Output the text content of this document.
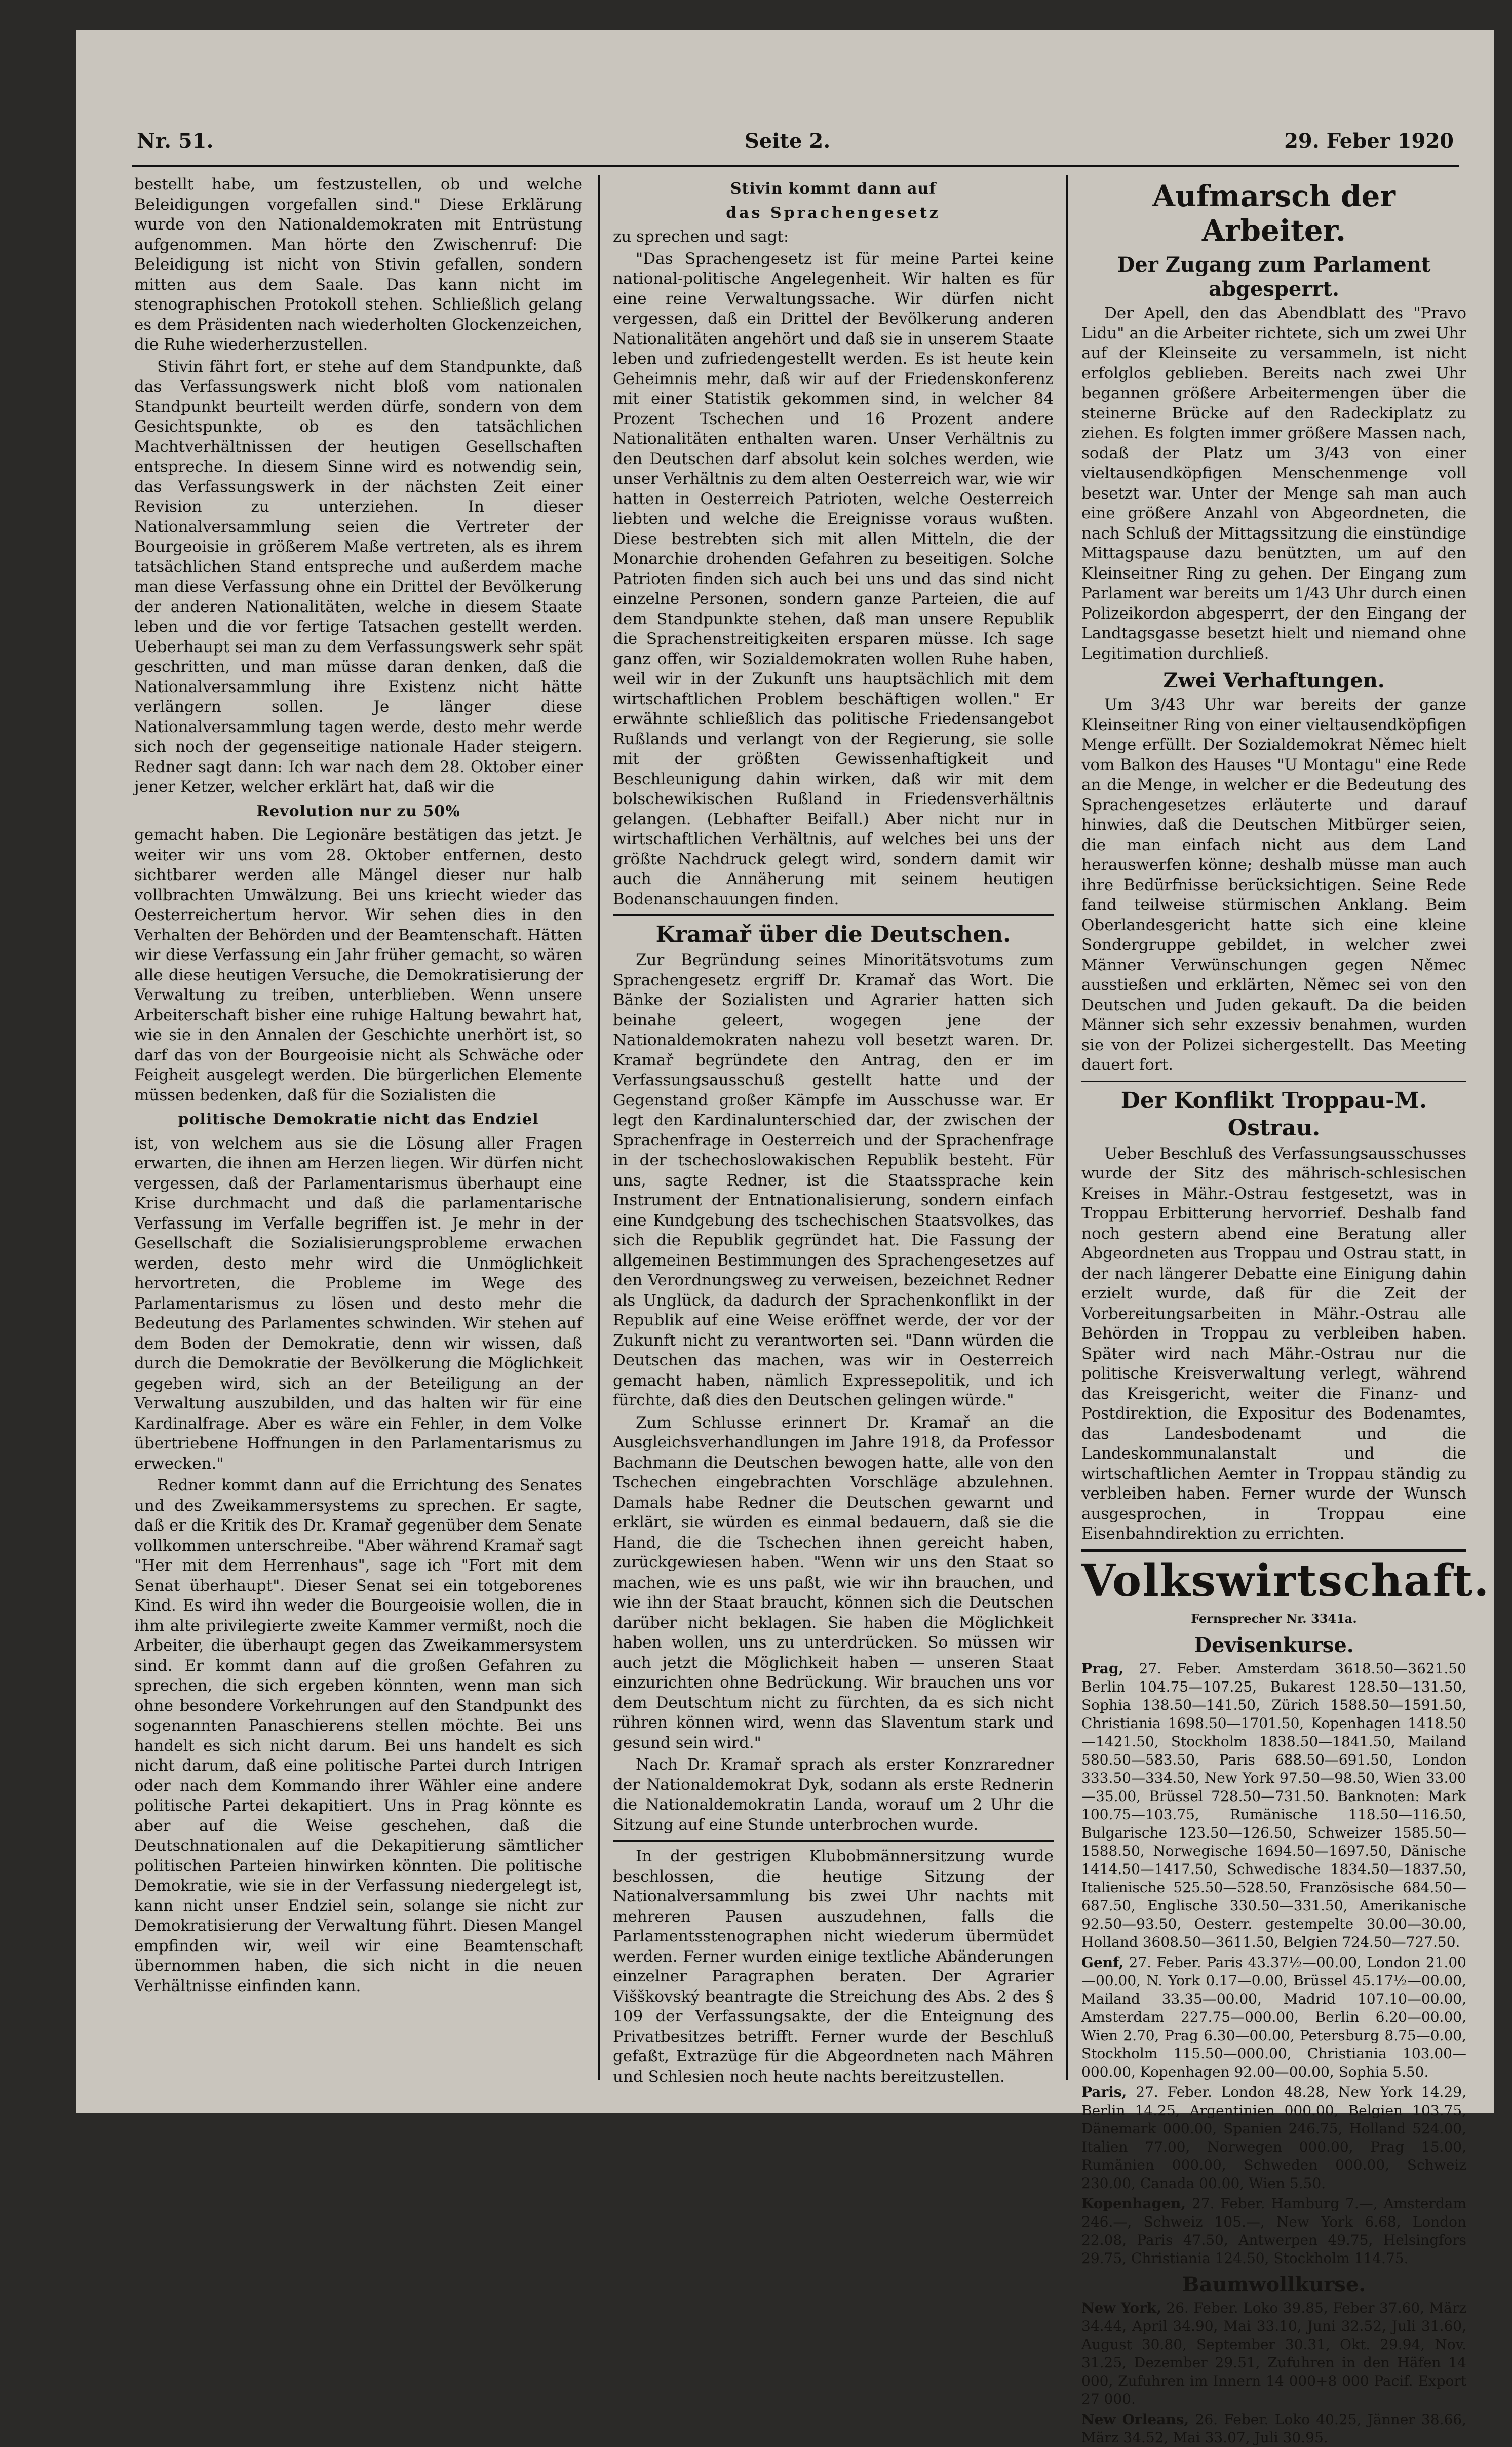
Nr. 51.	Seite 2.	29. Feber 1920

bestellt habe, um festzustellen, ob und welche Beleidigungen vorgefallen sind." Diese Erklärung wurde von den Nationaldemokraten mit Entrüstung aufgenommen. Man hörte den Zwischenruf: Die Beleidigung ist nicht von Stivin gefallen, sondern mitten aus dem Saale. Das kann nicht im stenographischen Protokoll stehen. Schließlich gelang es dem Präsidenten nach wiederholten Glockenzeichen, die Ruhe wiederherzustellen.

Stivin fährt fort, er stehe auf dem Standpunkte, daß das Verfassungswerk nicht bloß vom nationalen Standpunkt beurteilt werden dürfe, sondern von dem Gesichtspunkte, ob es den tatsächlichen Machtverhältnissen der heutigen Gesellschaften entspreche. In diesem Sinne wird es notwendig sein, das Verfassungswerk in der nächsten Zeit einer Revision zu unterziehen. In dieser Nationalversammlung seien die Vertreter der Bourgeoisie in größerem Maße vertreten, als es ihrem tatsächlichen Stand entspreche und außerdem mache man diese Verfassung ohne ein Drittel der Bevölkerung der anderen Nationalitäten, welche in diesem Staate leben und die vor fertige Tatsachen gestellt werden. Ueberhaupt sei man zu dem Verfassungswerk sehr spät geschritten, und man müsse daran denken, daß die Nationalversammlung ihre Existenz nicht hätte verlängern sollen. Je länger diese Nationalversammlung tagen werde, desto mehr werde sich noch der gegenseitige nationale Hader steigern. Redner sagt dann: Ich war nach dem 28. Oktober einer jener Ketzer, welcher erklärt hat, daß wir die

Revolution nur zu 50%

gemacht haben. Die Legionäre bestätigen das jetzt. Je weiter wir uns vom 28. Oktober entfernen, desto sichtbarer werden alle Mängel dieser nur halb vollbrachten Umwälzung. Bei uns kriecht wieder das Oesterreichertum hervor. Wir sehen dies in den Verhalten der Behörden und der Beamtenschaft. Hätten wir diese Verfassung ein Jahr früher gemacht, so wären alle diese heutigen Versuche, die Demokratisierung der Verwaltung zu treiben, unterblieben. Wenn unsere Arbeiterschaft bisher eine ruhige Haltung bewahrt hat, wie sie in den Annalen der Geschichte unerhört ist, so darf das von der Bourgeoisie nicht als Schwäche oder Feigheit ausgelegt werden. Die bürgerlichen Elemente müssen bedenken, daß für die Sozialisten die

politische Demokratie nicht das Endziel

ist, von welchem aus sie die Lösung aller Fragen erwarten, die ihnen am Herzen liegen. Wir dürfen nicht vergessen, daß der Parlamentarismus überhaupt eine Krise durchmacht und daß die parlamentarische Verfassung im Verfalle begriffen ist. Je mehr in der Gesellschaft die Sozialisierungsprobleme erwachen werden, desto mehr wird die Unmöglichkeit hervortreten, die Probleme im Wege des Parlamentarismus zu lösen und desto mehr die Bedeutung des Parlamentes schwinden. Wir stehen auf dem Boden der Demokratie, denn wir wissen, daß durch die Demokratie der Bevölkerung die Möglichkeit gegeben wird, sich an der Beteiligung an der Verwaltung auszubilden, und das halten wir für eine Kardinalfrage. Aber es wäre ein Fehler, in dem Volke übertriebene Hoffnungen in den Parlamentarismus zu erwecken."

Redner kommt dann auf die Errichtung des Senates und des Zweikammersystems zu sprechen. Er sagte, daß er die Kritik des Dr. Kramař gegenüber dem Senate vollkommen unterschreibe. "Aber während Kramař sagt "Her mit dem Herrenhaus", sage ich "Fort mit dem Senat überhaupt". Dieser Senat sei ein totgeborenes Kind. Es wird ihn weder die Bourgeoisie wollen, die in ihm alte privilegierte zweite Kammer vermißt, noch die Arbeiter, die überhaupt gegen das Zweikammersystem sind. Er kommt dann auf die großen Gefahren zu sprechen, die sich ergeben könnten, wenn man sich ohne besondere Vorkehrungen auf den Standpunkt des sogenannten Panaschierens stellen möchte. Bei uns handelt es sich nicht darum. Bei uns handelt es sich nicht darum, daß eine politische Partei durch Intrigen oder nach dem Kommando ihrer Wähler eine andere politische Partei dekapitiert. Uns in Prag könnte es aber auf die Weise geschehen, daß die Deutschnationalen auf die Dekapitierung sämtlicher politischen Parteien hinwirken könnten. Die politische Demokratie, wie sie in der Verfassung niedergelegt ist, kann nicht unser Endziel sein, solange sie nicht zur Demokratisierung der Verwaltung führt. Diesen Mangel empfinden wir, weil wir eine Beamtenschaft übernommen haben, die sich nicht in die neuen Verhältnisse einfinden kann.

Stivin kommt dann auf
das Sprachengesetz

zu sprechen und sagt:

"Das Sprachengesetz ist für meine Partei keine national-politische Angelegenheit. Wir halten es für eine reine Verwaltungssache. Wir dürfen nicht vergessen, daß ein Drittel der Bevölkerung anderen Nationalitäten angehört und daß sie in unserem Staate leben und zufriedengestellt werden. Es ist heute kein Geheimnis mehr, daß wir auf der Friedenskonferenz mit einer Statistik gekommen sind, in welcher 84 Prozent Tschechen und 16 Prozent andere Nationalitäten enthalten waren. Unser Verhältnis zu den Deutschen darf absolut kein solches werden, wie unser Verhältnis zu dem alten Oesterreich war, wie wir hatten in Oesterreich Patrioten, welche Oesterreich liebten und welche die Ereignisse voraus wußten. Diese bestrebten sich mit allen Mitteln, die der Monarchie drohenden Gefahren zu beseitigen. Solche Patrioten finden sich auch bei uns und das sind nicht einzelne Personen, sondern ganze Parteien, die auf dem Standpunkte stehen, daß man unsere Republik die Sprachenstreitigkeiten ersparen müsse. Ich sage ganz offen, wir Sozialdemokraten wollen Ruhe haben, weil wir in der Zukunft uns hauptsächlich mit dem wirtschaftlichen Problem beschäftigen wollen." Er erwähnte schließlich das politische Friedensangebot Rußlands und verlangt von der Regierung, sie solle mit der größten Gewissenhaftigkeit und Beschleunigung dahin wirken, daß wir mit dem bolschewikischen Rußland in Friedensverhältnis gelangen. (Lebhafter Beifall.) Aber nicht nur in wirtschaftlichen Verhältnis, auf welches bei uns der größte Nachdruck gelegt wird, sondern damit wir auch die Annäherung mit seinem heutigen Bodenanschauungen finden.

Kramař über die Deutschen.

Zur Begründung seines Minoritätsvotums zum Sprachengesetz ergriff Dr. Kramař das Wort. Die Bänke der Sozialisten und Agrarier hatten sich beinahe geleert, wogegen jene der Nationaldemokraten nahezu voll besetzt waren. Dr. Kramař begründete den Antrag, den er im Verfassungsausschuß gestellt hatte und der Gegenstand großer Kämpfe im Ausschusse war. Er legt den Kardinalunterschied dar, der zwischen der Sprachenfrage in Oesterreich und der Sprachenfrage in der tschechoslowakischen Republik besteht. Für uns, sagte Redner, ist die Staatssprache kein Instrument der Entnationalisierung, sondern einfach eine Kundgebung des tschechischen Staatsvolkes, das sich die Republik gegründet hat. Die Fassung der allgemeinen Bestimmungen des Sprachengesetzes auf den Verordnungsweg zu verweisen, bezeichnet Redner als Unglück, da dadurch der Sprachenkonflikt in der Republik auf eine Weise eröffnet werde, der vor der Zukunft nicht zu verantworten sei. "Dann würden die Deutschen das machen, was wir in Oesterreich gemacht haben, nämlich Expressepolitik, und ich fürchte, daß dies den Deutschen gelingen würde."

Zum Schlusse erinnert Dr. Kramař an die Ausgleichsverhandlungen im Jahre 1918, da Professor Bachmann die Deutschen bewogen hatte, alle von den Tschechen eingebrachten Vorschläge abzulehnen. Damals habe Redner die Deutschen gewarnt und erklärt, sie würden es einmal bedauern, daß sie die Hand, die die Tschechen ihnen gereicht haben, zurückgewiesen haben. "Wenn wir uns den Staat so machen, wie es uns paßt, wie wir ihn brauchen, und wie ihn der Staat braucht, können sich die Deutschen darüber nicht beklagen. Sie haben die Möglichkeit haben wollen, uns zu unterdrücken. So müssen wir auch jetzt die Möglichkeit haben — unseren Staat einzurichten ohne Bedrückung. Wir brauchen uns vor dem Deutschtum nicht zu fürchten, da es sich nicht rühren können wird, wenn das Slaventum stark und gesund sein wird."

Nach Dr. Kramař sprach als erster Konzraredner der Nationaldemokrat Dyk, sodann als erste Rednerin die Nationaldemokratin Landa, worauf um 2 Uhr die Sitzung auf eine Stunde unterbrochen wurde.

In der gestrigen Klubobmännersitzung wurde beschlossen, die heutige Sitzung der Nationalversammlung bis zwei Uhr nachts mit mehreren Pausen auszudehnen, falls die Parlamentsstenographen nicht wiederum übermüdet werden. Ferner wurden einige textliche Abänderungen einzelner Paragraphen beraten. Der Agrarier Višškovský beantragte die Streichung des Abs. 2 des § 109 der Verfassungsakte, der die Enteignung des Privatbesitzes betrifft. Ferner wurde der Beschluß gefaßt, Extrazüge für die Abgeordneten nach Mähren und Schlesien noch heute nachts bereitzustellen.

Aufmarsch der Arbeiter.
Der Zugang zum Parlament abgesperrt.

Der Apell, den das Abendblatt des "Pravo Lidu" an die Arbeiter richtete, sich um zwei Uhr auf der Kleinseite zu versammeln, ist nicht erfolglos geblieben. Bereits nach zwei Uhr begannen größere Arbeitermengen über die steinerne Brücke auf den Radeckiplatz zu ziehen. Es folgten immer größere Massen nach, sodaß der Platz um 3/43 von einer vieltausendköpfigen Menschenmenge voll besetzt war. Unter der Menge sah man auch eine größere Anzahl von Abgeordneten, die nach Schluß der Mittagssitzung die einstündige Mittagspause dazu benützten, um auf den Kleinseitner Ring zu gehen. Der Eingang zum Parlament war bereits um 1/43 Uhr durch einen Polizeikordon abgesperrt, der den Eingang der Landtagsgasse besetzt hielt und niemand ohne Legitimation durchließ.

Zwei Verhaftungen.

Um 3/43 Uhr war bereits der ganze Kleinseitner Ring von einer vieltausendköpfigen Menge erfüllt. Der Sozialdemokrat Němec hielt vom Balkon des Hauses "U Montagu" eine Rede an die Menge, in welcher er die Bedeutung des Sprachengesetzes erläuterte und darauf hinwies, daß die Deutschen Mitbürger seien, die man einfach nicht aus dem Land herauswerfen könne; deshalb müsse man auch ihre Bedürfnisse berücksichtigen. Seine Rede fand teilweise stürmischen Anklang. Beim Oberlandesgericht hatte sich eine kleine Sondergruppe gebildet, in welcher zwei Männer Verwünschungen gegen Němec ausstießen und erklärten, Němec sei von den Deutschen und Juden gekauft. Da die beiden Männer sich sehr exzessiv benahmen, wurden sie von der Polizei sichergestellt. Das Meeting dauert fort.

Der Konflikt Troppau-M. Ostrau.

Ueber Beschluß des Verfassungsausschusses wurde der Sitz des mährisch-schlesischen Kreises in Mähr.-Ostrau festgesetzt, was in Troppau Erbitterung hervorrief. Deshalb fand noch gestern abend eine Beratung aller Abgeordneten aus Troppau und Ostrau statt, in der nach längerer Debatte eine Einigung dahin erzielt wurde, daß für die Zeit der Vorbereitungsarbeiten in Mähr.-Ostrau alle Behörden in Troppau zu verbleiben haben. Später wird nach Mähr.-Ostrau nur die politische Kreisverwaltung verlegt, während das Kreisgericht, weiter die Finanz- und Postdirektion, die Expositur des Bodenamtes, das Landesbodenamt und die Landeskommunalanstalt und die wirtschaftlichen Aemter in Troppau ständig zu verbleiben haben. Ferner wurde der Wunsch ausgesprochen, in Troppau eine Eisenbahndirektion zu errichten.

Volkswirtschaft.
Fernsprecher Nr. 3341a.
Devisenkurse.

Prag, 27. Feber. Amsterdam 3618.50—3621.50 Berlin 104.75—107.25, Bukarest 128.50—131.50, Sophia 138.50—141.50, Zürich 1588.50—1591.50, Christiania 1698.50—1701.50, Kopenhagen 1418.50—1421.50, Stockholm 1838.50—1841.50, Mailand 580.50—583.50, Paris 688.50—691.50, London 333.50—334.50, New York 97.50—98.50, Wien 33.00—35.00, Brüssel 728.50—731.50. Banknoten: Mark 100.75—103.75, Rumänische 118.50—116.50, Bulgarische 123.50—126.50, Schweizer 1585.50—1588.50, Norwegische 1694.50—1697.50, Dänische 1414.50—1417.50, Schwedische 1834.50—1837.50, Italienische 525.50—528.50, Französische 684.50—687.50, Englische 330.50—331.50, Amerikanische 92.50—93.50, Oesterr. gestempelte 30.00—30.00, Holland 3608.50—3611.50, Belgien 724.50—727.50.

Genf, 27. Feber. Paris 43.37½—00.00, London 21.00—00.00, N. York 0.17—0.00, Brüssel 45.17½—00.00, Mailand 33.35—00.00, Madrid 107.10—00.00, Amsterdam 227.75—000.00, Berlin 6.20—00.00, Wien 2.70, Prag 6.30—00.00, Petersburg 8.75—0.00, Stockholm 115.50—000.00, Christiania 103.00—000.00, Kopenhagen 92.00—00.00, Sophia 5.50.

Paris, 27. Feber. London 48.28, New York 14.29, Berlin 14.25, Argentinien 000.00, Belgien 103.75, Dänemark 000.00, Spanien 246.75, Holland 524.00, Italien 77.00, Norwegen 000.00, Prag 15.00, Rumänien 000.00, Schweden 000.00, Schweiz 230.00, Canada 00.00, Wien 5.50.

Kopenhagen, 27. Feber. Hamburg 7.—, Amsterdam 246.—, Schweiz 105.—, New York 6.68, London 22.08, Paris 47.50, Antwerpen 49.75, Helsingfors 29.75, Christiania 124.50, Stockholm 114.75.

Baumwollkurse.

New York, 26. Feber. Loko 39.85, Feber 37.60, März 34.44, April 34.90, Mai 33.10, Juni 32.52, Juli 31.60, August 30.80, September 30.31, Okt. 29.94, Nov. 31.25, Dezember 29.51, Zufuhren in den Häfen 14 000, Zufuhren im Innern 14 000+8 000 Pacif. Export 27 000.

New Orleans, 26. Feber. Loko 40.25, Jänner 38.66, März 34.52, Mai 33.07, Juli 30.95.
